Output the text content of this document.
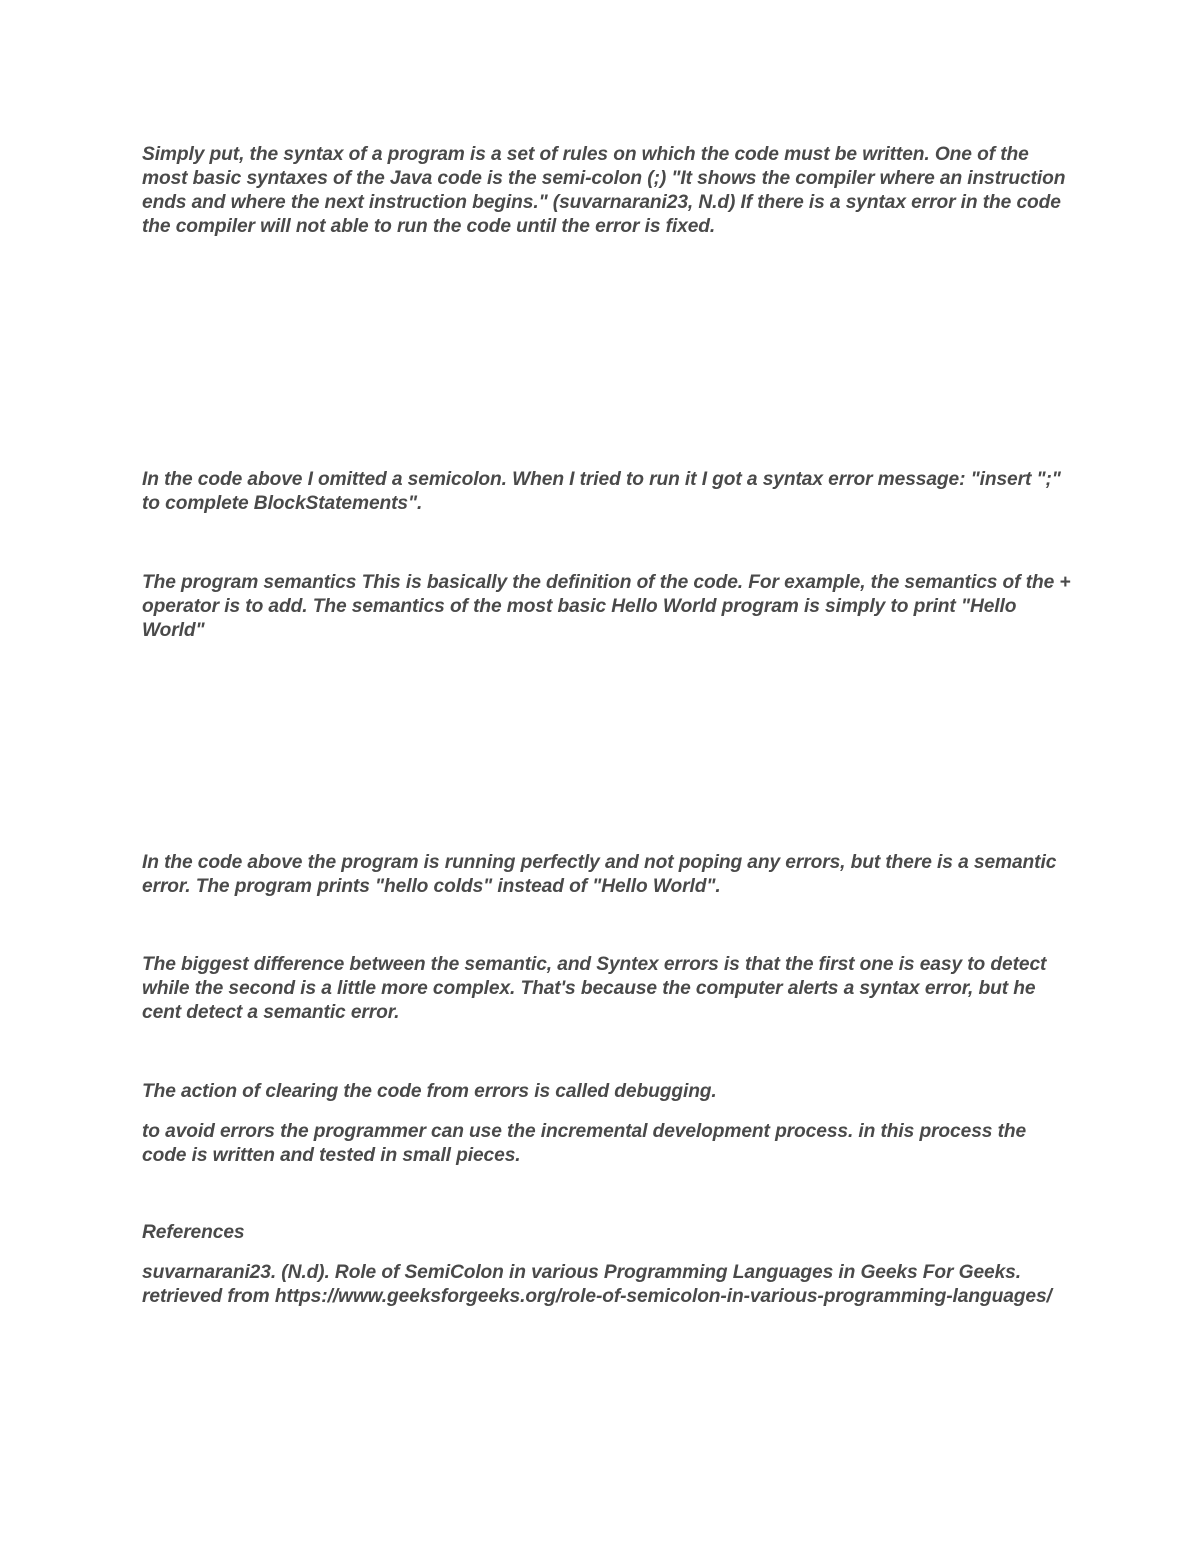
Simply put, the syntax of a program is a set of rules on which the code must be written. One of the most basic syntaxes of the Java code is the semi-colon (;) "It shows the compiler where an instruction ends and where the next instruction begins." (suvarnarani23, N.d) If there is a syntax error in the code the compiler will not able to run the code until the error is fixed.

In the code above I omitted a semicolon. When I tried to run it I got a syntax error message: "insert ";" to complete BlockStatements".

The program semantics This is basically the definition of the code. For example, the semantics of the + operator is to add. The semantics of the most basic Hello World program is simply to print "Hello World"

In the code above the program is running perfectly and not poping any errors, but there is a semantic error. The program prints "hello colds" instead of "Hello World".

The biggest difference between the semantic, and Syntex errors is that the first one is easy to detect while the second is a little more complex. That's because the computer alerts a syntax error, but he cent detect a semantic error.

The action of clearing the code from errors is called debugging.

to avoid errors the programmer can use the incremental development process. in this process the code is written and tested in small pieces.

References

suvarnarani23. (N.d). Role of SemiColon in various Programming Languages in Geeks For Geeks. retrieved from https://www.geeksforgeeks.org/role-of-semicolon-in-various-programming-languages/
